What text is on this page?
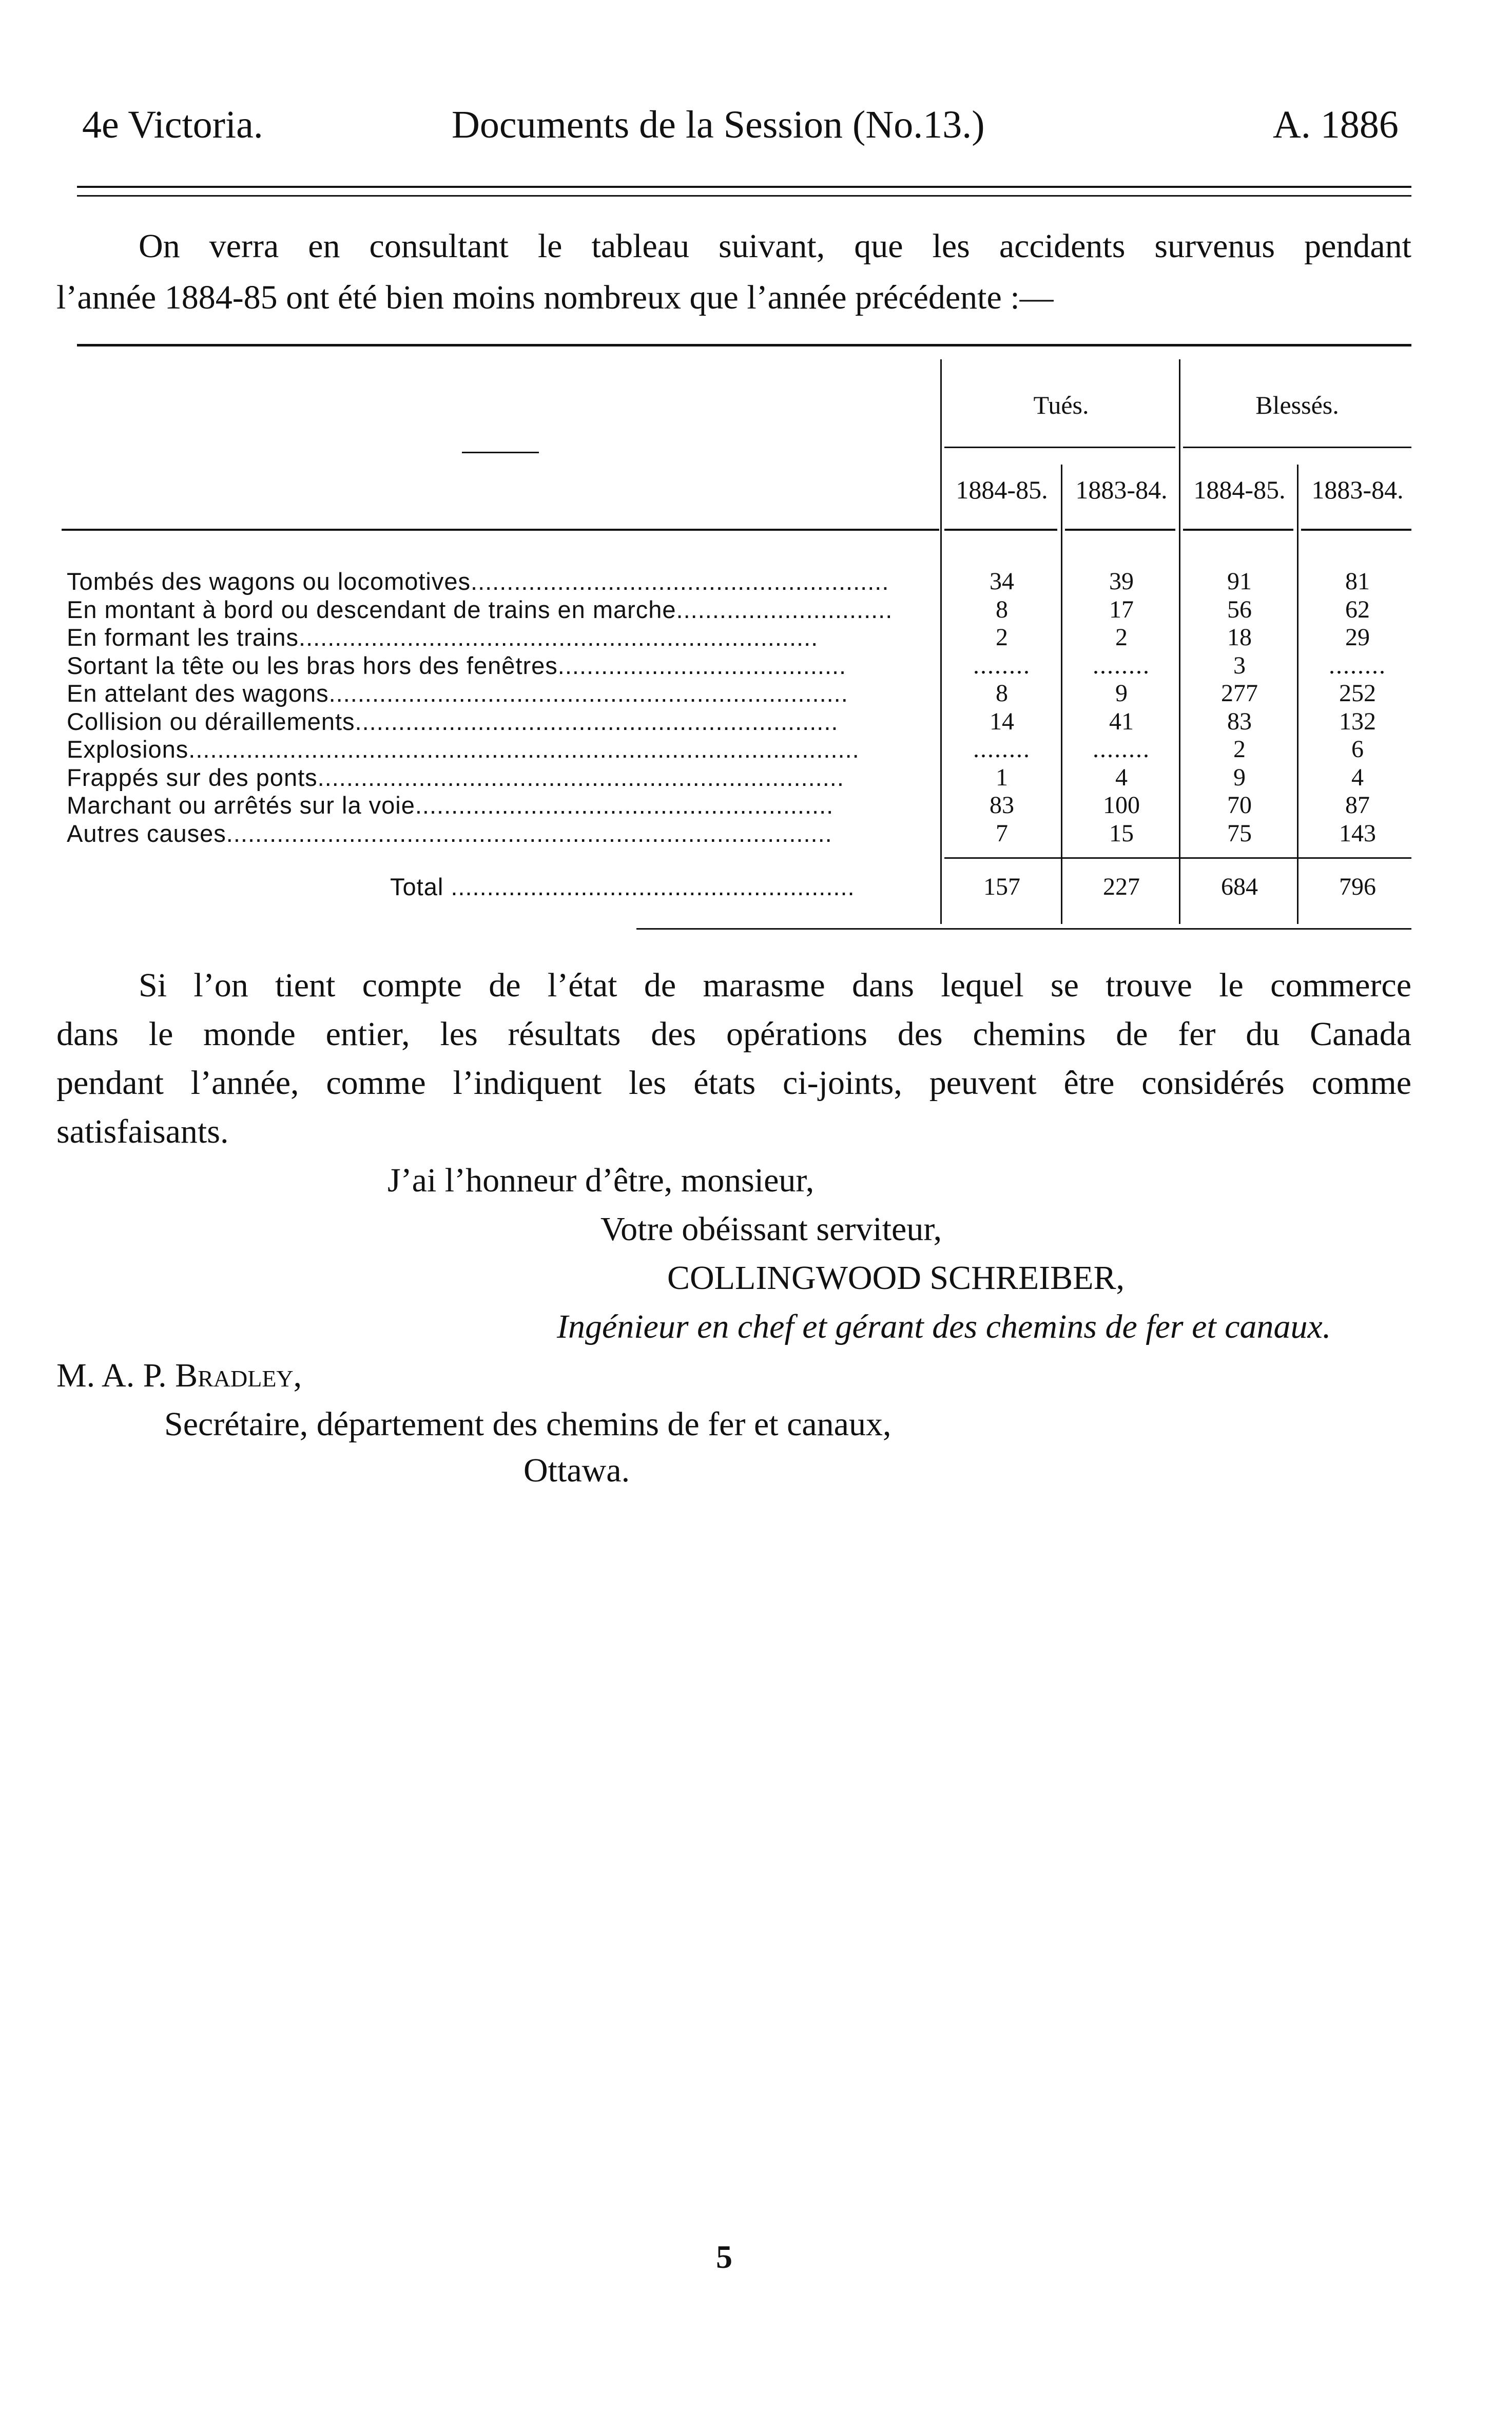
4e Victoria.	Documents de la Session (No.13.)	A. 1886
On verra en consultant le tableau suivant, que les accidents survenus pendant
l’année 1884-85 ont été bien moins nombreux que l’année précédente :—
Tués.	Blessés.
1884-85.	1883-84.	1884-85.	1883-84.
Tombés des wagons ou locomotives..........................................................	34	39	91	81
En montant à bord ou descendant de trains en marche..............................	8	17	56	62
En formant les trains........................................................................	2	2	18	29
Sortant la tête ou les bras hors des fenêtres........................................	........	........	3	........
En attelant des wagons........................................................................	8	9	277	252
Collision ou déraillements...................................................................	14	41	83	132
Explosions.............................................................................................	........	........	2	6
Frappés sur des ponts.........................................................................	1	4	9	4
Marchant ou arrêtés sur la voie..........................................................	83	100	70	87
Autres causes....................................................................................	7	15	75	143
Total ........................................................	157	227	684	796
Si l’on tient compte de l’état de marasme dans lequel se trouve le commerce
dans le monde entier, les résultats des opérations des chemins de fer du Canada
pendant l’année, comme l’indiquent les états ci-joints, peuvent être considérés comme
satisfaisants.
J’ai l’honneur d’être, monsieur,
Votre obéissant serviteur,
COLLINGWOOD SCHREIBER,
Ingénieur en chef et gérant des chemins de fer et canaux.
M. A. P. Bradley,
Secrétaire, département des chemins de fer et canaux,
Ottawa.
5
